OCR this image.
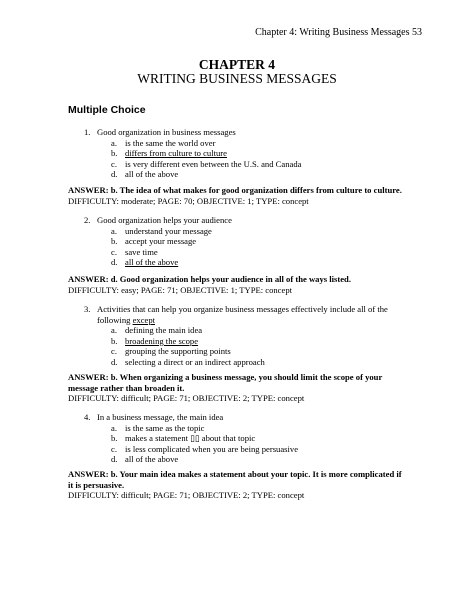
Chapter 4: Writing Business Messages 53
CHAPTER 4
WRITING BUSINESS MESSAGES
Multiple Choice
1. Good organization in business messages
a. is the same the world over
b. differs from culture to culture
c. is very different even between the U.S. and Canada
d. all of the above
ANSWER: b. The idea of what makes for good organization differs from culture to culture.
DIFFICULTY: moderate; PAGE: 70; OBJECTIVE: 1; TYPE: concept
2. Good organization helps your audience
a. understand your message
b. accept your message
c. save time
d. all of the above
ANSWER: d. Good organization helps your audience in all of the ways listed.
DIFFICULTY: easy; PAGE: 71; OBJECTIVE: 1; TYPE: concept
3. Activities that can help you organize business messages effectively include all of the
following except
a. defining the main idea
b. broadening the scope
c. grouping the supporting points
d. selecting a direct or an indirect approach
ANSWER: b. When organizing a business message, you should limit the scope of your
message rather than broaden it.
DIFFICULTY: difficult; PAGE: 71; OBJECTIVE: 2; TYPE: concept
4. In a business message, the main idea
a. is the same as the topic
b. makes a statement ▯▯ about that topic
c. is less complicated when you are being persuasive
d. all of the above
ANSWER: b. Your main idea makes a statement about your topic. It is more complicated if
it is persuasive.
DIFFICULTY: difficult; PAGE: 71; OBJECTIVE: 2; TYPE: concept
